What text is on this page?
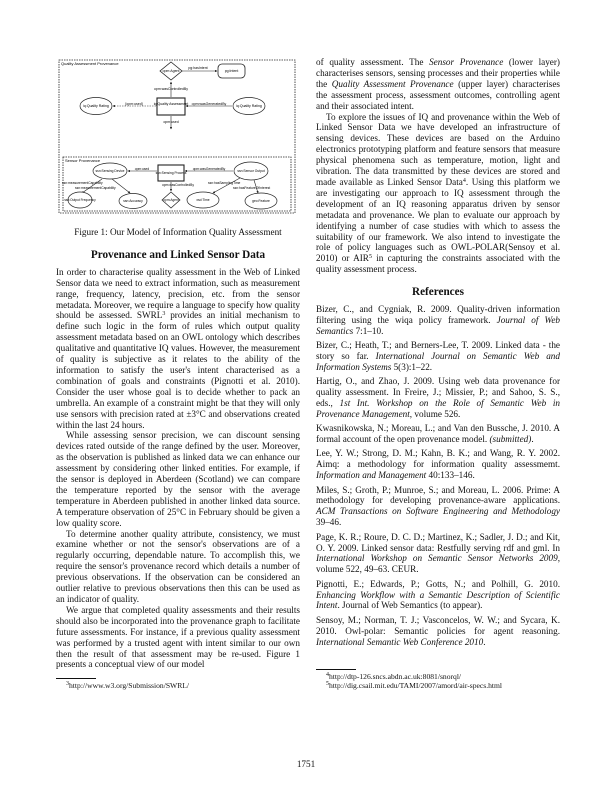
Quality Assessment Provenance
Sensor Provenance
opm:Agent
pg:hasIntent
pg:Intent
opm:wasControlledBy
iq:Quality Assessment
iq:Quality Rating	[opm:used]	iq:Quality Rating
opm:wasGeneratedBy
opm:used
ssn:Sensing Process
ssn:Sensing Device	opm:used	ssn:Sensor Output
opm:wasGeneratedBy
ssn:measurementCapability
ssn:measurementCapability
ssn:Output Frequency	ssn:Accuracy
opm:wasControlledBy
opm:Agent
ssn:hasSamplingTime
ssn:hasFeatureOfInterest
xsd:Time	geo:Feature
Figure 1: Our Model of Information Quality Assessment
Provenance and Linked Sensor Data

In order to characterise quality assessment in the Web of Linked Sensor data we need to extract information, such as measurement range, frequency, latency, precision, etc. from the sensor metadata. Moreover, we require a language to specify how quality should be assessed. SWRL$^3$ provides an initial mechanism to define such logic in the form of rules which output quality assessment metadata based on an OWL ontology which describes qualitative and quantitative IQ values. However, the measurement of quality is subjective as it relates to the ability of the information to satisfy the user's intent characterised as a combination of goals and constraints (Pignotti et al. 2010). Consider the user whose goal is to decide whether to pack an umbrella. An example of a constraint might be that they will only use sensors with precision rated at ±3°C and observations created within the last 24 hours.

While assessing sensor precision, we can discount sensing devices rated outside of the range defined by the user. Moreover, as the observation is published as linked data we can enhance our assessment by considering other linked entities. For example, if the sensor is deployed in Aberdeen (Scotland) we can compare the temperature reported by the sensor with the average temperature in Aberdeen published in another linked data source. A temperature observation of 25°C in February should be given a low quality score.

To determine another quality attribute, consistency, we must examine whether or not the sensor's observations are of a regularly occurring, dependable nature. To accomplish this, we require the sensor's provenance record which details a number of previous observations. If the observation can be considered an outlier relative to previous observations then this can be used as an indicator of quality.

We argue that completed quality assessments and their results should also be incorporated into the provenance graph to facilitate future assessments. For instance, if a previous quality assessment was performed by a trusted agent with intent similar to our own then the result of that assessment may be re-used. Figure 1 presents a conceptual view of our model

$^3$http://www.w3.org/Submission/SWRL/

of quality assessment. The Sensor Provenance (lower layer) characterises sensors, sensing processes and their properties while the Quality Assessment Provenance (upper layer) characterises the assessment process, assessment outcomes, controlling agent and their associated intent.

To explore the issues of IQ and provenance within the Web of Linked Sensor Data we have developed an infrastructure of sensing devices. These devices are based on the Arduino electronics prototyping platform and feature sensors that measure physical phenomena such as temperature, motion, light and vibration. The data transmitted by these devices are stored and made available as Linked Sensor Data$^4$. Using this platform we are investigating our approach to IQ assessment through the development of an IQ reasoning apparatus driven by sensor metadata and provenance. We plan to evaluate our approach by identifying a number of case studies with which to assess the suitability of our framework. We also intend to investigate the role of policy languages such as OWL-POLAR(Sensoy et al. 2010) or AIR$^5$ in capturing the constraints associated with the quality assessment process.

References

Bizer, C., and Cygniak, R. 2009. Quality-driven information filtering using the wiqa policy framework. Journal of Web Semantics 7:1–10.

Bizer, C.; Heath, T.; and Berners-Lee, T. 2009. Linked data - the story so far. International Journal on Semantic Web and Information Systems 5(3):1–22.

Hartig, O., and Zhao, J. 2009. Using web data provenance for quality assessment. In Freire, J.; Missier, P.; and Sahoo, S. S., eds., 1st Int. Workshop on the Role of Semantic Web in Provenance Management, volume 526.

Kwasnikowska, N.; Moreau, L.; and Van den Bussche, J. 2010. A formal account of the open provenance model. (submitted).

Lee, Y. W.; Strong, D. M.; Kahn, B. K.; and Wang, R. Y. 2002. Aimq: a methodology for information quality assessmemt. Information and Management 40:133–146.

Miles, S.; Groth, P.; Munroe, S.; and Moreau, L. 2006. Prime: A methodology for developing provenance-aware applications. ACM Transactions on Software Engineering and Methodology 39–46.

Page, K. R.; Roure, D. C. D.; Martinez, K.; Sadler, J. D.; and Kit, O. Y. 2009. Linked sensor data: Restfully serving rdf and gml. In International Workshop on Semantic Sensor Networks 2009, volume 522, 49–63. CEUR.

Pignotti, E.; Edwards, P.; Gotts, N.; and Polhill, G. 2010. Enhancing Workflow with a Semantic Description of Scientific Intent. Journal of Web Semantics (to appear).

Sensoy, M.; Norman, T. J.; Vasconcelos, W. W.; and Sycara, K. 2010. Owl-polar: Semantic policies for agent reasoning. International Semantic Web Conference 2010.

$^4$http://dtp-126.sncs.abdn.ac.uk:8081/snorql/
$^5$http://dig.csail.mit.edu/TAMI/2007/amord/air-specs.html
1751
